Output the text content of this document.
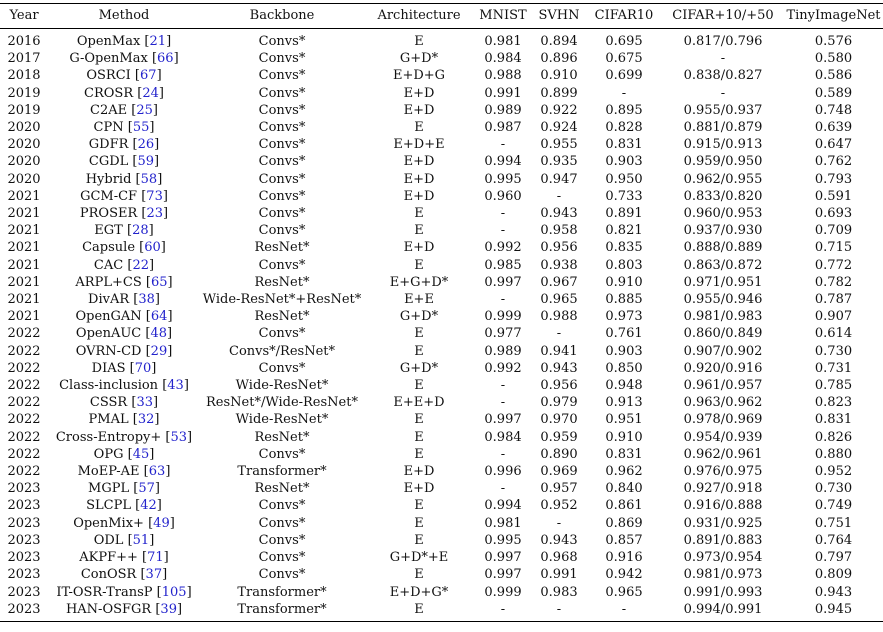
Year	Method	Backbone	Architecture	MNIST	SVHN	CIFAR10	CIFAR+10/+50	TinyImageNet
2016	OpenMax [21]	Convs*	E	0.981	0.894	0.695	0.817/0.796	0.576
2017	G-OpenMax [66]	Convs*	G+D*	0.984	0.896	0.675	-	0.580
2018	OSRCI [67]	Convs*	E+D+G	0.988	0.910	0.699	0.838/0.827	0.586
2019	CROSR [24]	Convs*	E+D	0.991	0.899	-	-	0.589
2019	C2AE [25]	Convs*	E+D	0.989	0.922	0.895	0.955/0.937	0.748
2020	CPN [55]	Convs*	E	0.987	0.924	0.828	0.881/0.879	0.639
2020	GDFR [26]	Convs*	E+D+E	-	0.955	0.831	0.915/0.913	0.647
2020	CGDL [59]	Convs*	E+D	0.994	0.935	0.903	0.959/0.950	0.762
2020	Hybrid [58]	Convs*	E+D	0.995	0.947	0.950	0.962/0.955	0.793
2021	GCM-CF [73]	Convs*	E+D	0.960	-	0.733	0.833/0.820	0.591
2021	PROSER [23]	Convs*	E	-	0.943	0.891	0.960/0.953	0.693
2021	EGT [28]	Convs*	E	-	0.958	0.821	0.937/0.930	0.709
2021	Capsule [60]	ResNet*	E+D	0.992	0.956	0.835	0.888/0.889	0.715
2021	CAC [22]	Convs*	E	0.985	0.938	0.803	0.863/0.872	0.772
2021	ARPL+CS [65]	ResNet*	E+G+D*	0.997	0.967	0.910	0.971/0.951	0.782
2021	DivAR [38]	Wide-ResNet*+ResNet*	E+E	-	0.965	0.885	0.955/0.946	0.787
2021	OpenGAN [64]	ResNet*	G+D*	0.999	0.988	0.973	0.981/0.983	0.907
2022	OpenAUC [48]	Convs*	E	0.977	-	0.761	0.860/0.849	0.614
2022	OVRN-CD [29]	Convs*/ResNet*	E	0.989	0.941	0.903	0.907/0.902	0.730
2022	DIAS [70]	Convs*	G+D*	0.992	0.943	0.850	0.920/0.916	0.731
2022	Class-inclusion [43]	Wide-ResNet*	E	-	0.956	0.948	0.961/0.957	0.785
2022	CSSR [33]	ResNet*/Wide-ResNet*	E+E+D	-	0.979	0.913	0.963/0.962	0.823
2022	PMAL [32]	Wide-ResNet*	E	0.997	0.970	0.951	0.978/0.969	0.831
2022	Cross-Entropy+ [53]	ResNet*	E	0.984	0.959	0.910	0.954/0.939	0.826
2022	OPG [45]	Convs*	E	-	0.890	0.831	0.962/0.961	0.880
2022	MoEP-AE [63]	Transformer*	E+D	0.996	0.969	0.962	0.976/0.975	0.952
2023	MGPL [57]	ResNet*	E+D	-	0.957	0.840	0.927/0.918	0.730
2023	SLCPL [42]	Convs*	E	0.994	0.952	0.861	0.916/0.888	0.749
2023	OpenMix+ [49]	Convs*	E	0.981	-	0.869	0.931/0.925	0.751
2023	ODL [51]	Convs*	E	0.995	0.943	0.857	0.891/0.883	0.764
2023	AKPF++ [71]	Convs*	G+D*+E	0.997	0.968	0.916	0.973/0.954	0.797
2023	ConOSR [37]	Convs*	E	0.997	0.991	0.942	0.981/0.973	0.809
2023	IT-OSR-TransP [105]	Transformer*	E+D+G*	0.999	0.983	0.965	0.991/0.993	0.943
2023	HAN-OSFGR [39]	Transformer*	E	-	-	-	0.994/0.991	0.945
